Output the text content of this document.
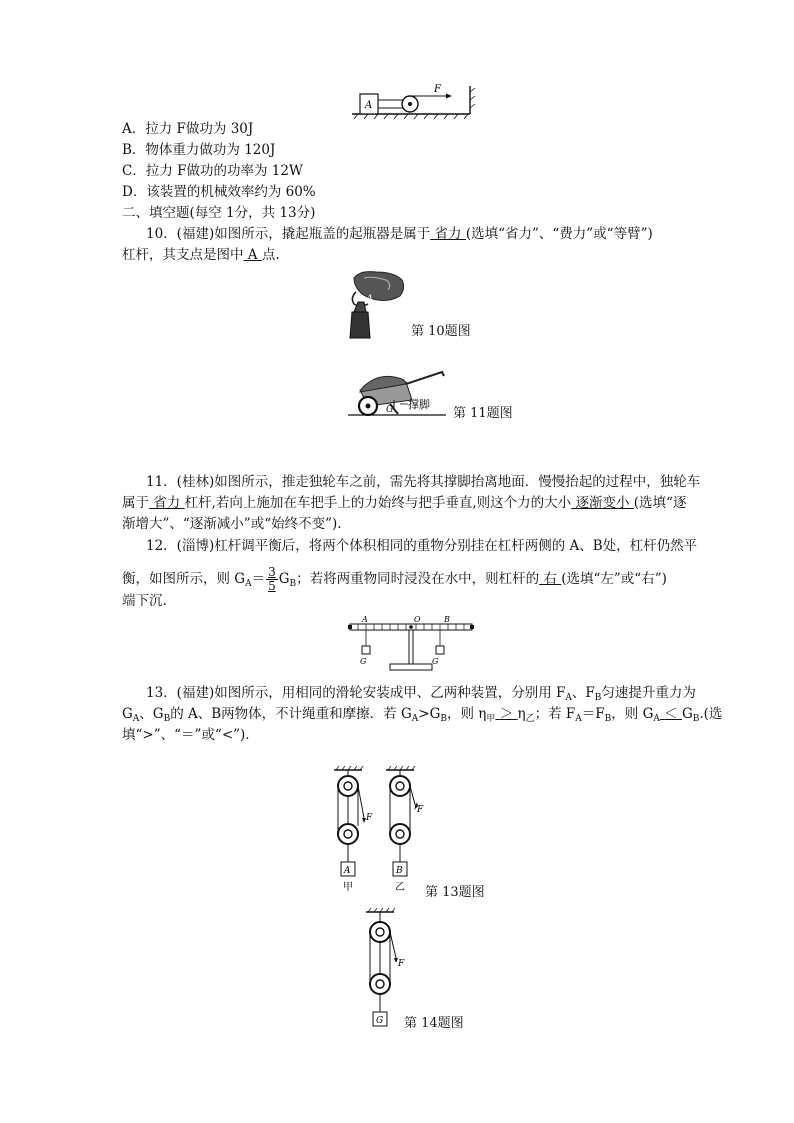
A
F
A．拉力 F做功为 30J
B．物体重力做功为 120J
C．拉力 F做功的功率为 12W
D．该装置的机械效率约为 60%
二、填空题(每空 1分，共 13分)
10．(福建)如图所示，撬起瓶盖的起瓶器是属于 省力 (选填“省力”、“费力”或“等臂”)
杠杆，其支点是图中 A 点.
A
B
第 10题图
G 撑脚
第 11题图
11．(桂林)如图所示，推走独轮车之前，需先将其撑脚抬离地面．慢慢抬起的过程中，独轮车
属于 省力 杠杆,若向上施加在车把手上的力始终与把手垂直,则这个力的大小 逐渐变小 (选填“逐
渐增大”、“逐渐减小”或“始终不变”).
12．(淄博)杠杆调平衡后，将两个体积相同的重物分别挂在杠杆两侧的 A、B处，杠杆仍然平
衡，如图所示，则 $G_A= \frac{3}{5} G_B$；若将两重物同时浸没在水中，则杠杆的 右 (选填“左”或“右”)
端下沉.
A	O	B
G	G
13．(福建)如图所示，用相同的滑轮安装成甲、乙两种装置，分别用 $F_A$、$F_B$匀速提升重力为
$G_A$、$G_B$的 A、B两物体，不计绳重和摩擦．若 $G_A>G_B$，则 $\eta_甲 > \eta_乙$；若 $F_A=F_B$，则 $G_A < G_B$.(选
填“>”、“＝”或“<”)．
F
A
甲
F
B
乙 第 13题图
F
G 第 14题图
